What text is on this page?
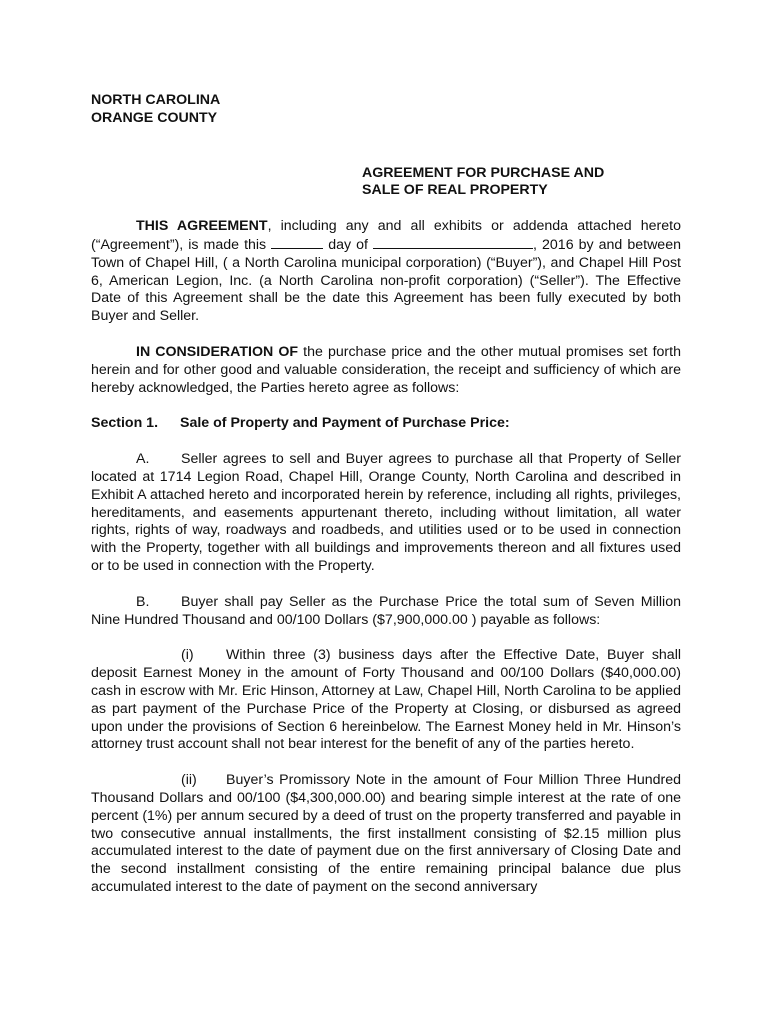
NORTH CAROLINA
ORANGE COUNTY
AGREEMENT FOR PURCHASE AND
SALE OF REAL PROPERTY

THIS AGREEMENT, including any and all exhibits or addenda attached hereto (“Agreement”), is made this	day of	, 2016 by and between Town of Chapel Hill, ( a North Carolina municipal corporation) (“Buyer”), and Chapel Hill Post 6, American Legion, Inc. (a North Carolina non-profit corporation) (“Seller”). The Effective Date of this Agreement shall be the date this Agreement has been fully executed by both Buyer and Seller.

IN CONSIDERATION OF the purchase price and the other mutual promises set forth herein and for other good and valuable consideration, the receipt and sufficiency of which are hereby acknowledged, the Parties hereto agree as follows:

Section 1. Sale of Property and Payment of Purchase Price:

A. Seller agrees to sell and Buyer agrees to purchase all that Property of Seller located at 1714 Legion Road, Chapel Hill, Orange County, North Carolina and described in Exhibit A attached hereto and incorporated herein by reference, including all rights, privileges, hereditaments, and easements appurtenant thereto, including without limitation, all water rights, rights of way, roadways and roadbeds, and utilities used or to be used in connection with the Property, together with all buildings and improvements thereon and all fixtures used or to be used in connection with the Property.

B. Buyer shall pay Seller as the Purchase Price the total sum of Seven Million Nine Hundred Thousand and 00/100 Dollars ($7,900,000.00 ) payable as follows:

(i) Within three (3) business days after the Effective Date, Buyer shall deposit Earnest Money in the amount of Forty Thousand and 00/100 Dollars ($40,000.00) cash in escrow with Mr. Eric Hinson, Attorney at Law, Chapel Hill, North Carolina to be applied as part payment of the Purchase Price of the Property at Closing, or disbursed as agreed upon under the provisions of Section 6 hereinbelow. The Earnest Money held in Mr. Hinson’s attorney trust account shall not bear interest for the benefit of any of the parties hereto.

(ii) Buyer’s Promissory Note in the amount of Four Million Three Hundred Thousand Dollars and 00/100 ($4,300,000.00) and bearing simple interest at the rate of one percent (1%) per annum secured by a deed of trust on the property transferred and payable in two consecutive annual installments, the first installment consisting of $2.15 million plus accumulated interest to the date of payment due on the first anniversary of Closing Date and the second installment consisting of the entire remaining principal balance due plus accumulated interest to the date of payment on the second anniversary
